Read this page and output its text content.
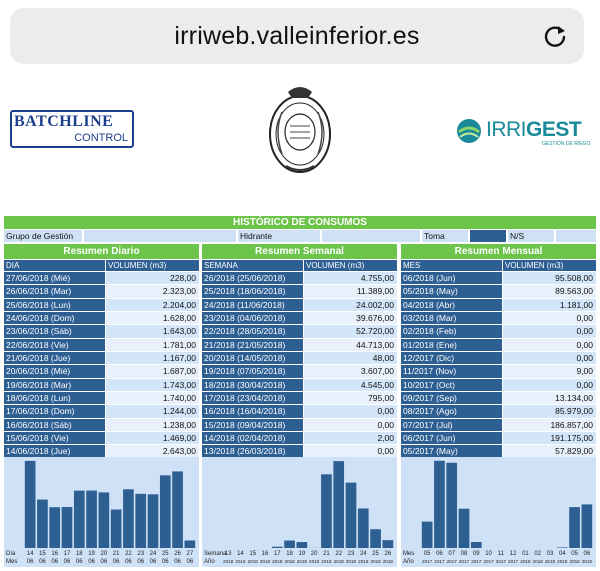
irriweb.valleinferior.es
BATCHLINE
CONTROL	IRRIGEST
GESTIÓN DE RIEGO
HISTÓRICO DE CONSUMOS
Grupo de Gestión	Hidrante	Toma	N/S
Resumen Diario
DIA	VOLUMEN (m3)
27/06/2018 (Mié)	228,00
26/06/2018 (Mar)	2.323,00
25/06/2018 (Lun)	2.204,00
24/06/2018 (Dom)	1.628,00
23/06/2018 (Sáb)	1.643,00
22/06/2018 (Vie)	1.781,00
21/06/2018 (Jue)	1.167,00
20/06/2018 (Mié)	1.687,00
19/06/2018 (Mar)	1.743,00
18/06/2018 (Lun)	1.740,00
17/06/2018 (Dom)	1.244,00
16/06/2018 (Sáb)	1.238,00
15/06/2018 (Vie)	1.469,00
14/06/2018 (Jue)	2.643,00
Resumen Semanal
SEMANA	VOLUMEN (m3)
26/2018 (25/06/2018)	4.755,00
25/2018 (18/06/2018)	11.389,00
24/2018 (11/06/2018)	24.002,00
23/2018 (04/06/2018)	39.676,00
22/2018 (28/05/2018)	52.720,00
21/2018 (21/05/2018)	44.713,00
20/2018 (14/05/2018)	48,00
19/2018 (07/05/2018)	3.607,00
18/2018 (30/04/2018)	4.545,00
17/2018 (23/04/2018)	795,00
16/2018 (16/04/2018)	0,00
15/2018 (09/04/2018)	0,00
14/2018 (02/04/2018)	2,00
13/2018 (26/03/2018)	0,00
Resumen Mensual
MES	VOLUMEN (m3)
06/2018 (Jun)	95.508,00
05/2018 (May)	89.563,00
04/2018 (Abr)	1.181,00
03/2018 (Mar)	0,00
02/2018 (Feb)	0,00
01/2018 (Ene)	0,00
12/2017 (Dic)	0,00
11/2017 (Nov)	9,00
10/2017 (Oct)	0,00
09/2017 (Sep)	13.134,00
08/2017 (Ago)	85.979,00
07/2017 (Jul)	186.857,00
06/2017 (Jun)	191.175,00
05/2017 (May)	57.829,00
14
06
15
06
16
06
17
06
18
06
19
06
20
06
21
06
22
06
23
06
24
06
25
06
26
06
27
06
Día
Mes
13
2018
14
2018
15
2018
16
2018
17
2018
18
2018
19
2018
20
2018
21
2018
22
2018
23
2018
24
2018
25
2018
26
2018
Semana
Año
05
2017
06
2017
07
2017
08
2017
09
2017
10
2017
11
2017
12
2017
01
2018
02
2018
03
2018
04
2018
05
2018
06
2018
Mes
Año
